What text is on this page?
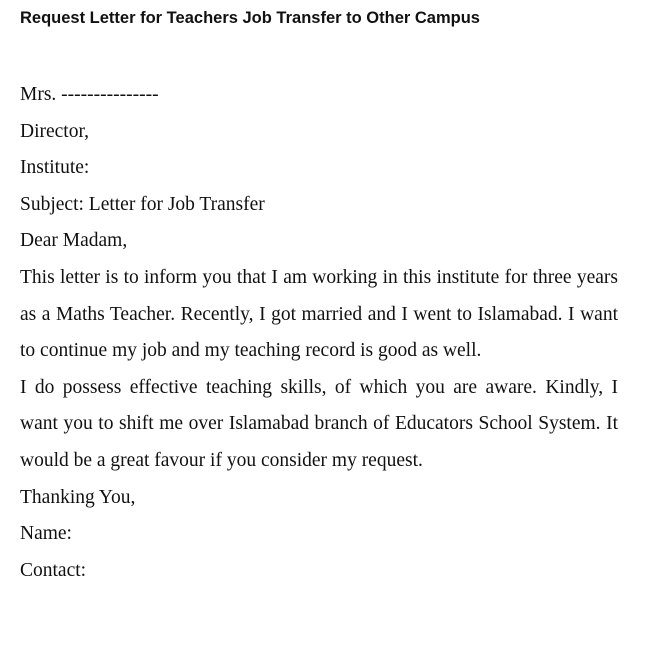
Request Letter for Teachers Job Transfer to Other Campus
Mrs. ---------------
Director,
Institute:
Subject: Letter for Job Transfer
Dear Madam,
This letter is to inform you that I am working in this institute for three years as a Maths Teacher. Recently, I got married and I went to Islamabad. I want to continue my job and my teaching record is good as well.
I do possess effective teaching skills, of which you are aware. Kindly, I want you to shift me over Islamabad branch of Educators School System. It would be a great favour if you consider my request.
Thanking You,
Name:
Contact:
